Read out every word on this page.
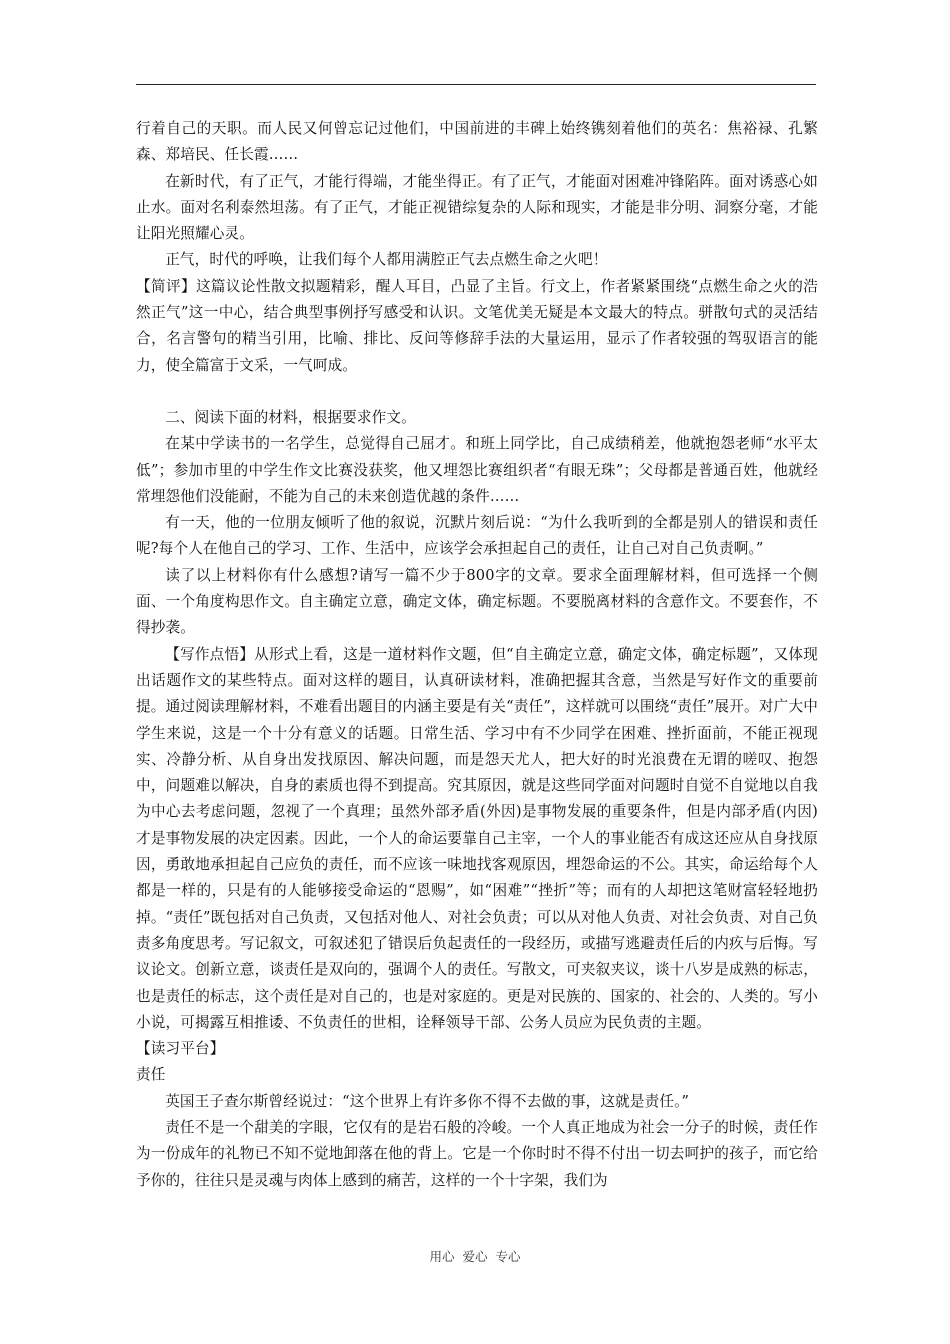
行着自己的天职。而人民又何曾忘记过他们，中国前进的丰碑上始终镌刻着他们的英名：焦裕禄、孔繁森、郑培民、任长霞……

在新时代，有了正气，才能行得端，才能坐得正。有了正气，才能面对困难冲锋陷阵。面对诱惑心如止水。面对名利泰然坦荡。有了正气，才能正视错综复杂的人际和现实，才能是非分明、洞察分毫，才能让阳光照耀心灵。

正气，时代的呼唤，让我们每个人都用满腔正气去点燃生命之火吧！

【简评】这篇议论性散文拟题精彩，醒人耳目，凸显了主旨。行文上，作者紧紧围绕“点燃生命之火的浩然正气”这一中心，结合典型事例抒写感受和认识。文笔优美无疑是本文最大的特点。骈散句式的灵活结合，名言警句的精当引用，比喻、排比、反问等修辞手法的大量运用，显示了作者较强的驾驭语言的能力，使全篇富于文采，一气呵成。

二、阅读下面的材料，根据要求作文。

在某中学读书的一名学生，总觉得自己屈才。和班上同学比，自己成绩稍差，他就抱怨老师“水平太低”；参加市里的中学生作文比赛没获奖，他又埋怨比赛组织者“有眼无珠”；父母都是普通百姓，他就经常埋怨他们没能耐，不能为自己的未来创造优越的条件……

有一天，他的一位朋友倾听了他的叙说，沉默片刻后说：“为什么我听到的全都是别人的错误和责任呢?每个人在他自己的学习、工作、生活中，应该学会承担起自己的责任，让自己对自己负责啊。”

读了以上材料你有什么感想?请写一篇不少于800字的文章。要求全面理解材料，但可选择一个侧面、一个角度构思作文。自主确定立意，确定文体，确定标题。不要脱离材料的含意作文。不要套作，不得抄袭。

【写作点悟】从形式上看，这是一道材料作文题，但“自主确定立意，确定文体，确定标题”，又体现出话题作文的某些特点。面对这样的题目，认真研读材料，准确把握其含意，当然是写好作文的重要前提。通过阅读理解材料，不难看出题目的内涵主要是有关“责任”，这样就可以围绕“责任”展开。对广大中学生来说，这是一个十分有意义的话题。日常生活、学习中有不少同学在困难、挫折面前，不能正视现实、冷静分析、从自身出发找原因、解决问题，而是怨天尤人，把大好的时光浪费在无谓的嗟叹、抱怨中，问题难以解决，自身的素质也得不到提高。究其原因，就是这些同学面对问题时自觉不自觉地以自我为中心去考虑问题，忽视了一个真理；虽然外部矛盾(外因)是事物发展的重要条件，但是内部矛盾(内因)才是事物发展的决定因素。因此，一个人的命运要靠自己主宰，一个人的事业能否有成这还应从自身找原因，勇敢地承担起自己应负的责任，而不应该一味地找客观原因，埋怨命运的不公。其实，命运给每个人都是一样的，只是有的人能够接受命运的“恩赐”，如“困难”“挫折”等；而有的人却把这笔财富轻轻地扔掉。“责任”既包括对自己负责，又包括对他人、对社会负责；可以从对他人负责、对社会负责、对自己负责多角度思考。写记叙文，可叙述犯了错误后负起责任的一段经历，或描写逃避责任后的内疚与后悔。写议论文。创新立意，谈责任是双向的，强调个人的责任。写散文，可夹叙夹议，谈十八岁是成熟的标志，也是责任的标志，这个责任是对自己的，也是对家庭的。更是对民族的、国家的、社会的、人类的。写小小说，可揭露互相推诿、不负责任的世相，诠释领导干部、公务人员应为民负责的主题。

【读习平台】

责任

英国王子查尔斯曾经说过：“这个世界上有许多你不得不去做的事，这就是责任。”

责任不是一个甜美的字眼，它仅有的是岩石般的冷峻。一个人真正地成为社会一分子的时候，责任作为一份成年的礼物已不知不觉地卸落在他的背上。它是一个你时时不得不付出一切去呵护的孩子，而它给予你的，往往只是灵魂与肉体上感到的痛苦，这样的一个十字架，我们为

用心 爱心 专心
